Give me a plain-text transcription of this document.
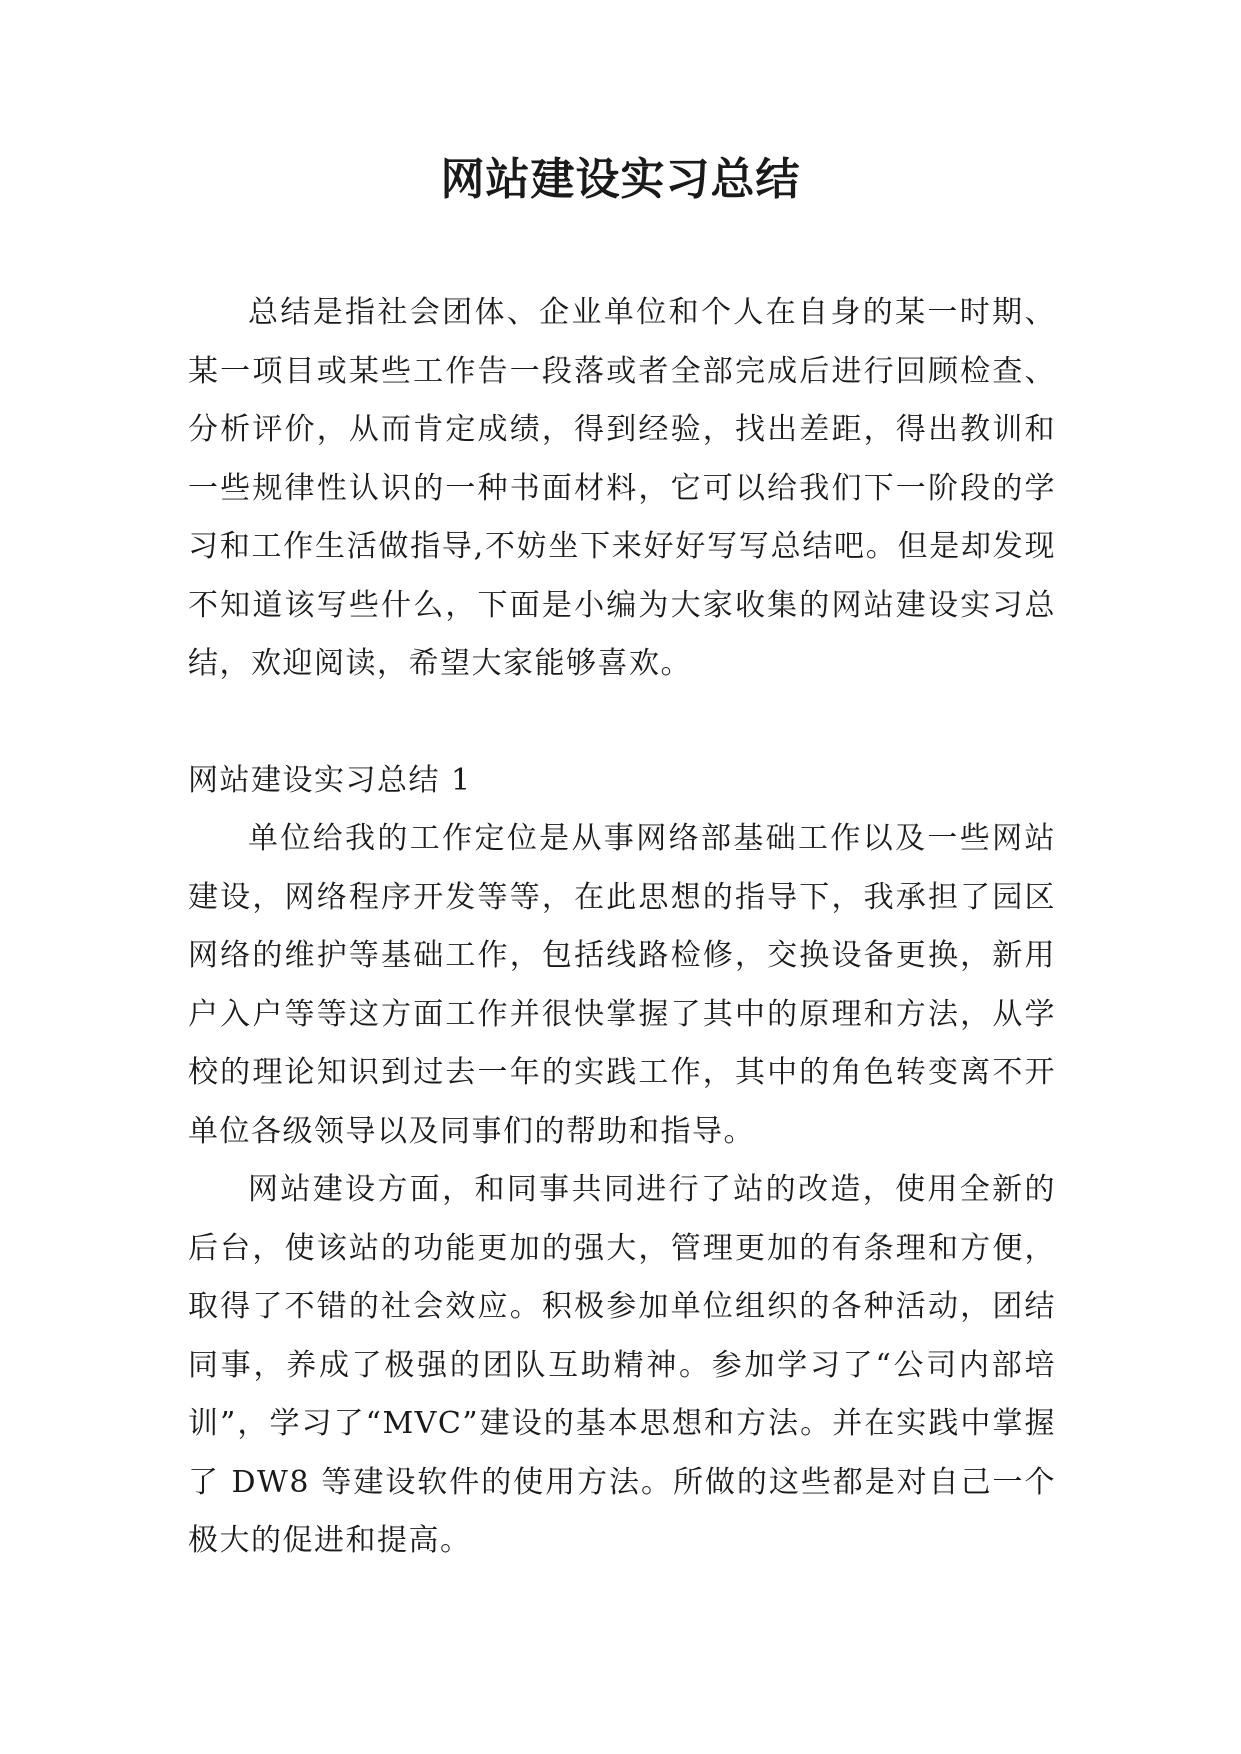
网站建设实习总结

总结是指社会团体、企业单位和个人在自身的某一时期、某一项目或某些工作告一段落或者全部完成后进行回顾检查、分析评价，从而肯定成绩，得到经验，找出差距，得出教训和一些规律性认识的一种书面材料，它可以给我们下一阶段的学习和工作生活做指导,不妨坐下来好好写写总结吧。但是却发现不知道该写些什么，下面是小编为大家收集的网站建设实习总结，欢迎阅读，希望大家能够喜欢。

网站建设实习总结 1

单位给我的工作定位是从事网络部基础工作以及一些网站建设，网络程序开发等等，在此思想的指导下，我承担了园区网络的维护等基础工作，包括线路检修，交换设备更换，新用户入户等等这方面工作并很快掌握了其中的原理和方法，从学校的理论知识到过去一年的实践工作，其中的角色转变离不开单位各级领导以及同事们的帮助和指导。

网站建设方面，和同事共同进行了站的改造，使用全新的后台，使该站的功能更加的强大，管理更加的有条理和方便，取得了不错的社会效应。积极参加单位组织的各种活动，团结同事，养成了极强的团队互助精神。参加学习了“公司内部培训”，学习了“MVC”建设的基本思想和方法。并在实践中掌握了 DW8 等建设软件的使用方法。所做的这些都是对自己一个极大的促进和提高。
